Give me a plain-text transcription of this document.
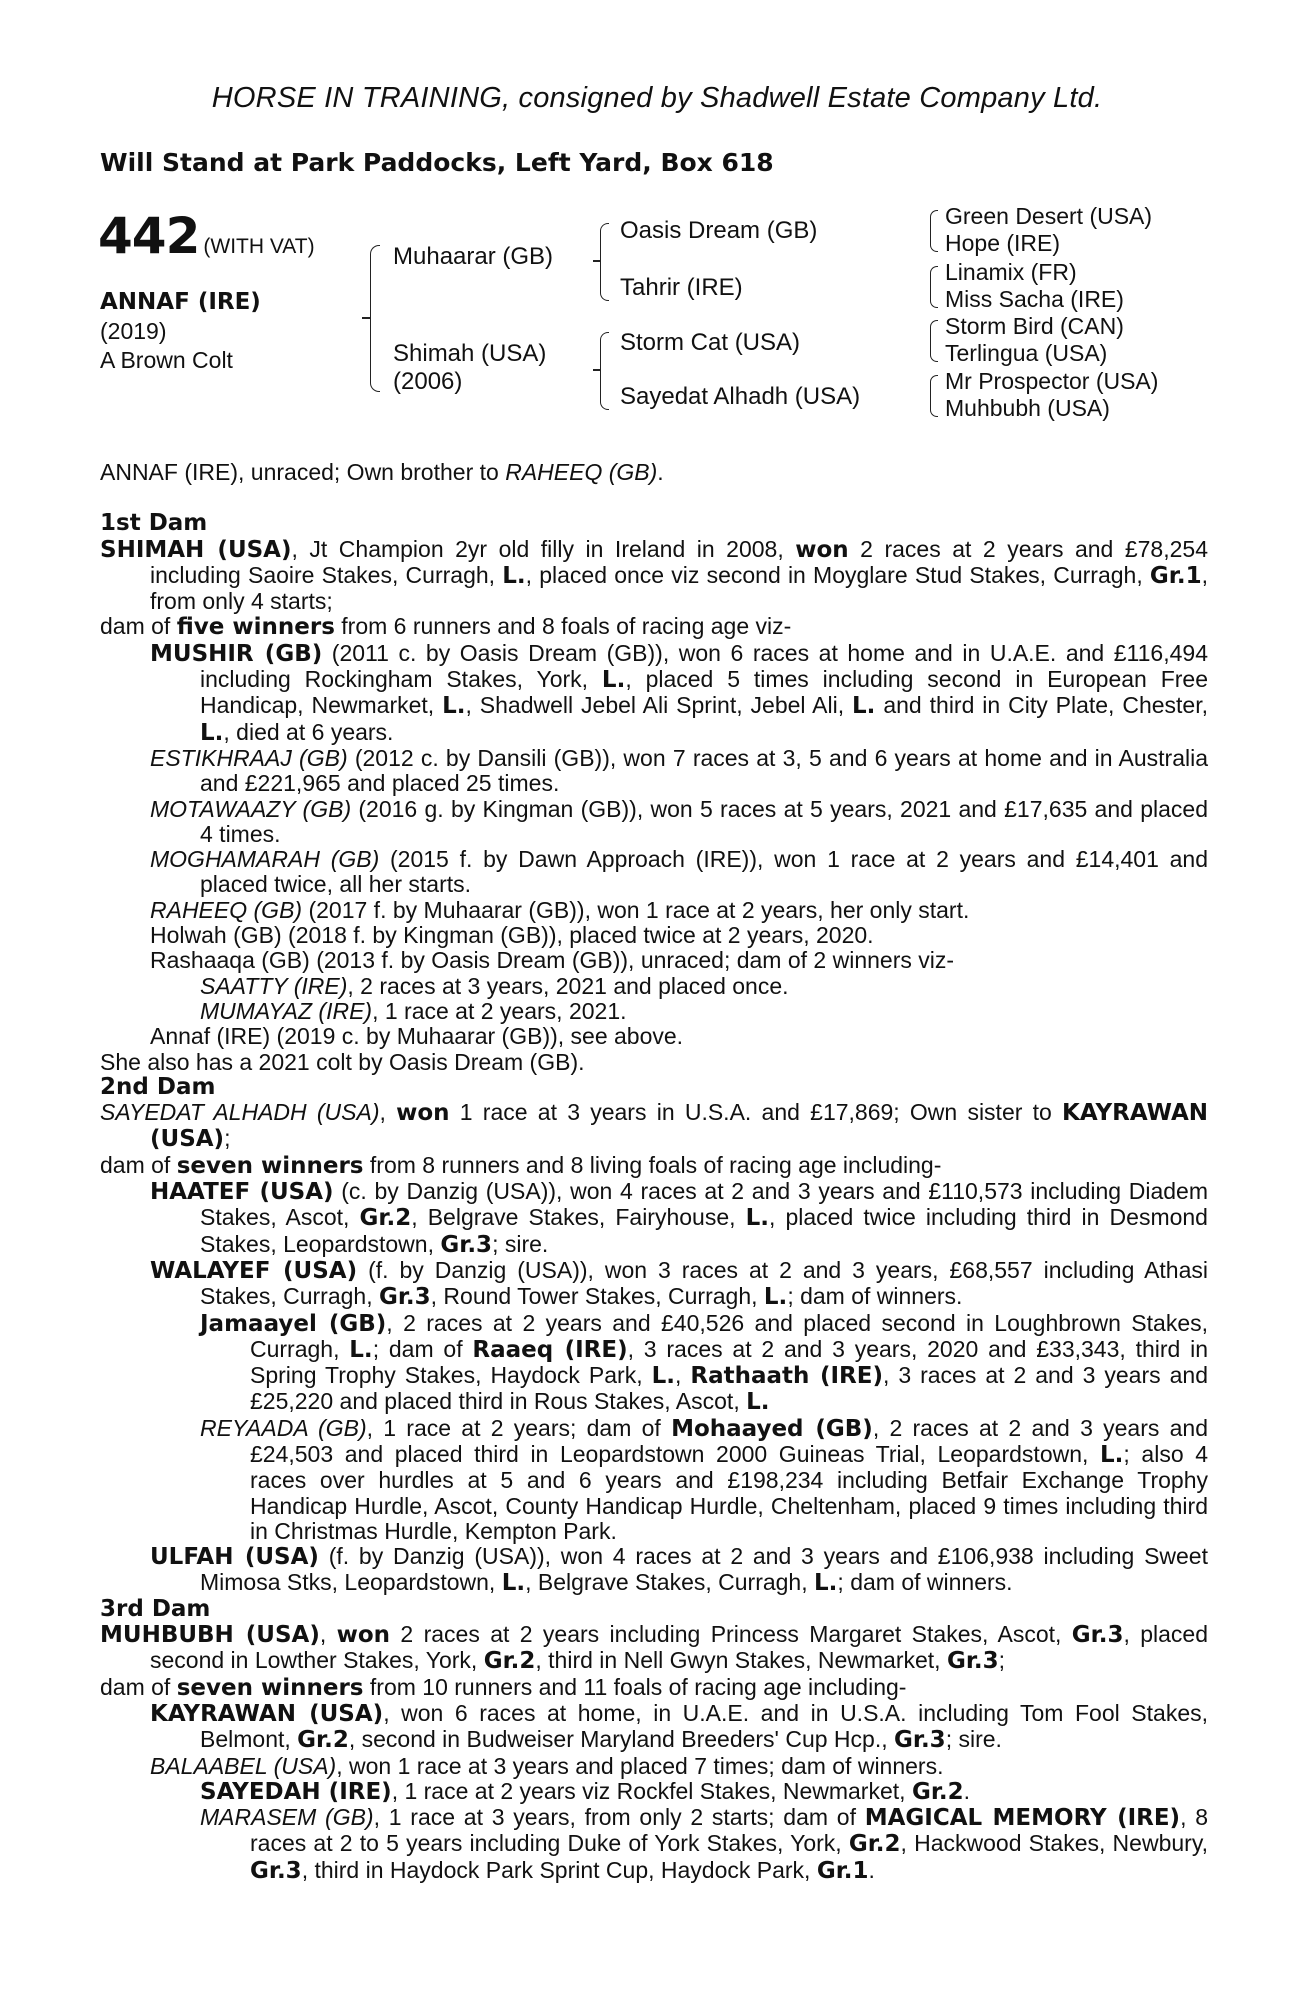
HORSE IN TRAINING, consigned by Shadwell Estate Company Ltd.
Will Stand at Park Paddocks, Left Yard, Box 618
442 (WITH VAT)
ANNAF (IRE)
(2019)
A Brown Colt
Muhaarar (GB)
Shimah (USA)
(2006)
Oasis Dream (GB)
Tahrir (IRE)
Storm Cat (USA)
Sayedat Alhadh (USA)
Green Desert (USA)
Hope (IRE)
Linamix (FR)
Miss Sacha (IRE)
Storm Bird (CAN)
Terlingua (USA)
Mr Prospector (USA)
Muhbubh (USA)

ANNAF (IRE), unraced; Own brother to RAHEEQ (GB).

1st Dam

SHIMAH (USA), Jt Champion 2yr old filly in Ireland in 2008, won 2 races at 2 years and £78,254 including Saoire Stakes, Curragh, L., placed once viz second in Moyglare Stud Stakes, Curragh, Gr.1, from only 4 starts;

dam of five winners from 6 runners and 8 foals of racing age viz-

MUSHIR (GB) (2011 c. by Oasis Dream (GB)), won 6 races at home and in U.A.E. and £116,494 including Rockingham Stakes, York, L., placed 5 times including second in European Free Handicap, Newmarket, L., Shadwell Jebel Ali Sprint, Jebel Ali, L. and third in City Plate, Chester, L., died at 6 years.

ESTIKHRAAJ (GB) (2012 c. by Dansili (GB)), won 7 races at 3, 5 and 6 years at home and in Australia and £221,965 and placed 25 times.

MOTAWAAZY (GB) (2016 g. by Kingman (GB)), won 5 races at 5 years, 2021 and £17,635 and placed 4 times.

MOGHAMARAH (GB) (2015 f. by Dawn Approach (IRE)), won 1 race at 2 years and £14,401 and placed twice, all her starts.

RAHEEQ (GB) (2017 f. by Muhaarar (GB)), won 1 race at 2 years, her only start.

Holwah (GB) (2018 f. by Kingman (GB)), placed twice at 2 years, 2020.

Rashaaqa (GB) (2013 f. by Oasis Dream (GB)), unraced; dam of 2 winners viz-

SAATTY (IRE), 2 races at 3 years, 2021 and placed once.

MUMAYAZ (IRE), 1 race at 2 years, 2021.

Annaf (IRE) (2019 c. by Muhaarar (GB)), see above.

She also has a 2021 colt by Oasis Dream (GB).

2nd Dam

SAYEDAT ALHADH (USA), won 1 race at 3 years in U.S.A. and £17,869; Own sister to KAYRAWAN (USA);

dam of seven winners from 8 runners and 8 living foals of racing age including-

HAATEF (USA) (c. by Danzig (USA)), won 4 races at 2 and 3 years and £110,573 including Diadem Stakes, Ascot, Gr.2, Belgrave Stakes, Fairyhouse, L., placed twice including third in Desmond Stakes, Leopardstown, Gr.3; sire.

WALAYEF (USA) (f. by Danzig (USA)), won 3 races at 2 and 3 years, £68,557 including Athasi Stakes, Curragh, Gr.3, Round Tower Stakes, Curragh, L.; dam of winners.

Jamaayel (GB), 2 races at 2 years and £40,526 and placed second in Loughbrown Stakes, Curragh, L.; dam of Raaeq (IRE), 3 races at 2 and 3 years, 2020 and £33,343, third in Spring Trophy Stakes, Haydock Park, L., Rathaath (IRE), 3 races at 2 and 3 years and £25,220 and placed third in Rous Stakes, Ascot, L.

REYAADA (GB), 1 race at 2 years; dam of Mohaayed (GB), 2 races at 2 and 3 years and £24,503 and placed third in Leopardstown 2000 Guineas Trial, Leopardstown, L.; also 4 races over hurdles at 5 and 6 years and £198,234 including Betfair Exchange Trophy Handicap Hurdle, Ascot, County Handicap Hurdle, Cheltenham, placed 9 times including third in Christmas Hurdle, Kempton Park.

ULFAH (USA) (f. by Danzig (USA)), won 4 races at 2 and 3 years and £106,938 including Sweet Mimosa Stks, Leopardstown, L., Belgrave Stakes, Curragh, L.; dam of winners.

3rd Dam

MUHBUBH (USA), won 2 races at 2 years including Princess Margaret Stakes, Ascot, Gr.3, placed second in Lowther Stakes, York, Gr.2, third in Nell Gwyn Stakes, Newmarket, Gr.3;

dam of seven winners from 10 runners and 11 foals of racing age including-

KAYRAWAN (USA), won 6 races at home, in U.A.E. and in U.S.A. including Tom Fool Stakes, Belmont, Gr.2, second in Budweiser Maryland Breeders' Cup Hcp., Gr.3; sire.

BALAABEL (USA), won 1 race at 3 years and placed 7 times; dam of winners.

SAYEDAH (IRE), 1 race at 2 years viz Rockfel Stakes, Newmarket, Gr.2.

MARASEM (GB), 1 race at 3 years, from only 2 starts; dam of MAGICAL MEMORY (IRE), 8 races at 2 to 5 years including Duke of York Stakes, York, Gr.2, Hackwood Stakes, Newbury, Gr.3, third in Haydock Park Sprint Cup, Haydock Park, Gr.1.
